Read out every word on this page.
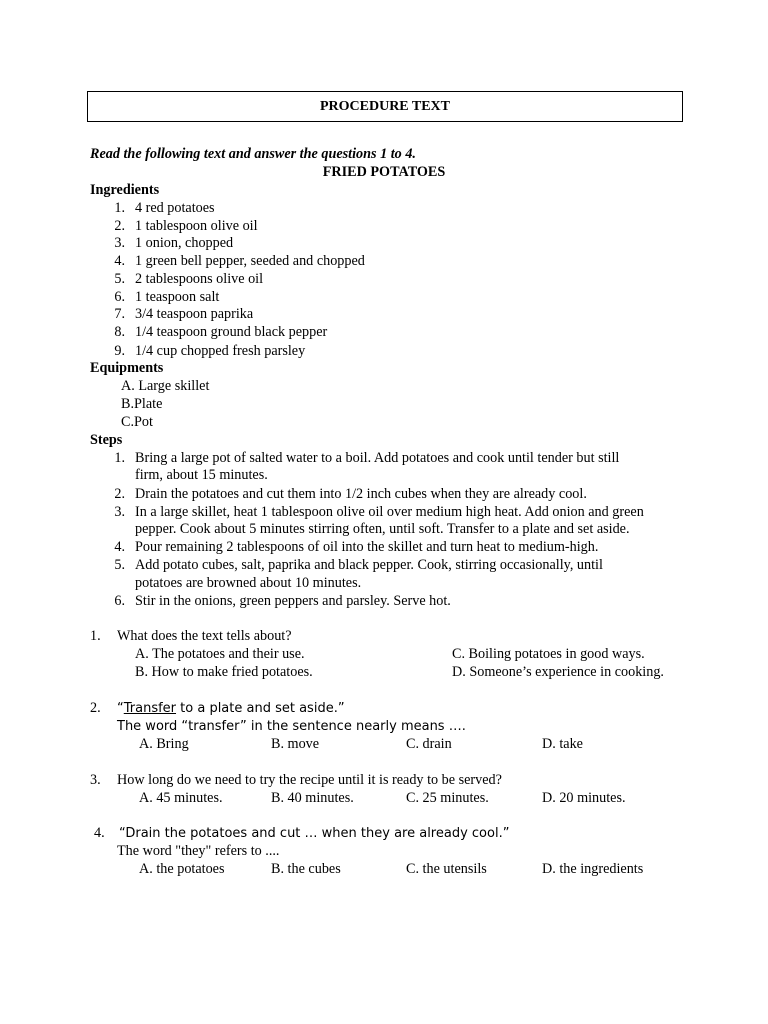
PROCEDURE TEXT
Read the following text and answer the questions 1 to 4.
FRIED POTATOES
Ingredients
1. 4 red potatoes
2. 1 tablespoon olive oil
3. 1 onion, chopped
4. 1 green bell pepper, seeded and chopped
5. 2 tablespoons olive oil
6. 1 teaspoon salt
7. 3/4 teaspoon paprika
8. 1/4 teaspoon ground black pepper
9. 1/4 cup chopped fresh parsley
Equipments
A. Large skillet
B.Plate
C.Pot
Steps
1. Bring a large pot of salted water to a boil. Add potatoes and cook until tender but still
firm, about 15 minutes.
2. Drain the potatoes and cut them into 1/2 inch cubes when they are already cool.
3. In a large skillet, heat 1 tablespoon olive oil over medium high heat. Add onion and green
pepper. Cook about 5 minutes stirring often, until soft. Transfer to a plate and set aside.
4. Pour remaining 2 tablespoons of oil into the skillet and turn heat to medium-high.
5. Add potato cubes, salt, paprika and black pepper. Cook, stirring occasionally, until
potatoes are browned about 10 minutes.
6. Stir in the onions, green peppers and parsley. Serve hot.
1. What does the text tells about?
A. The potatoes and their use.
B. How to make fried potatoes.
C. Boiling potatoes in good ways.
D. Someone’s experience in cooking.
2. “Transfer to a plate and set aside.”
The word “transfer” in the sentence nearly means ….
A. Bring	B. move	C. drain	D. take
3. How long do we need to try the recipe until it is ready to be served?
A. 45 minutes.	B. 40 minutes.	C. 25 minutes.	D. 20 minutes.
4. “Drain the potatoes and cut … when they are already cool.”
The word "they" refers to ....
A. the potatoes	B. the cubes	C. the utensils	D. the ingredients
